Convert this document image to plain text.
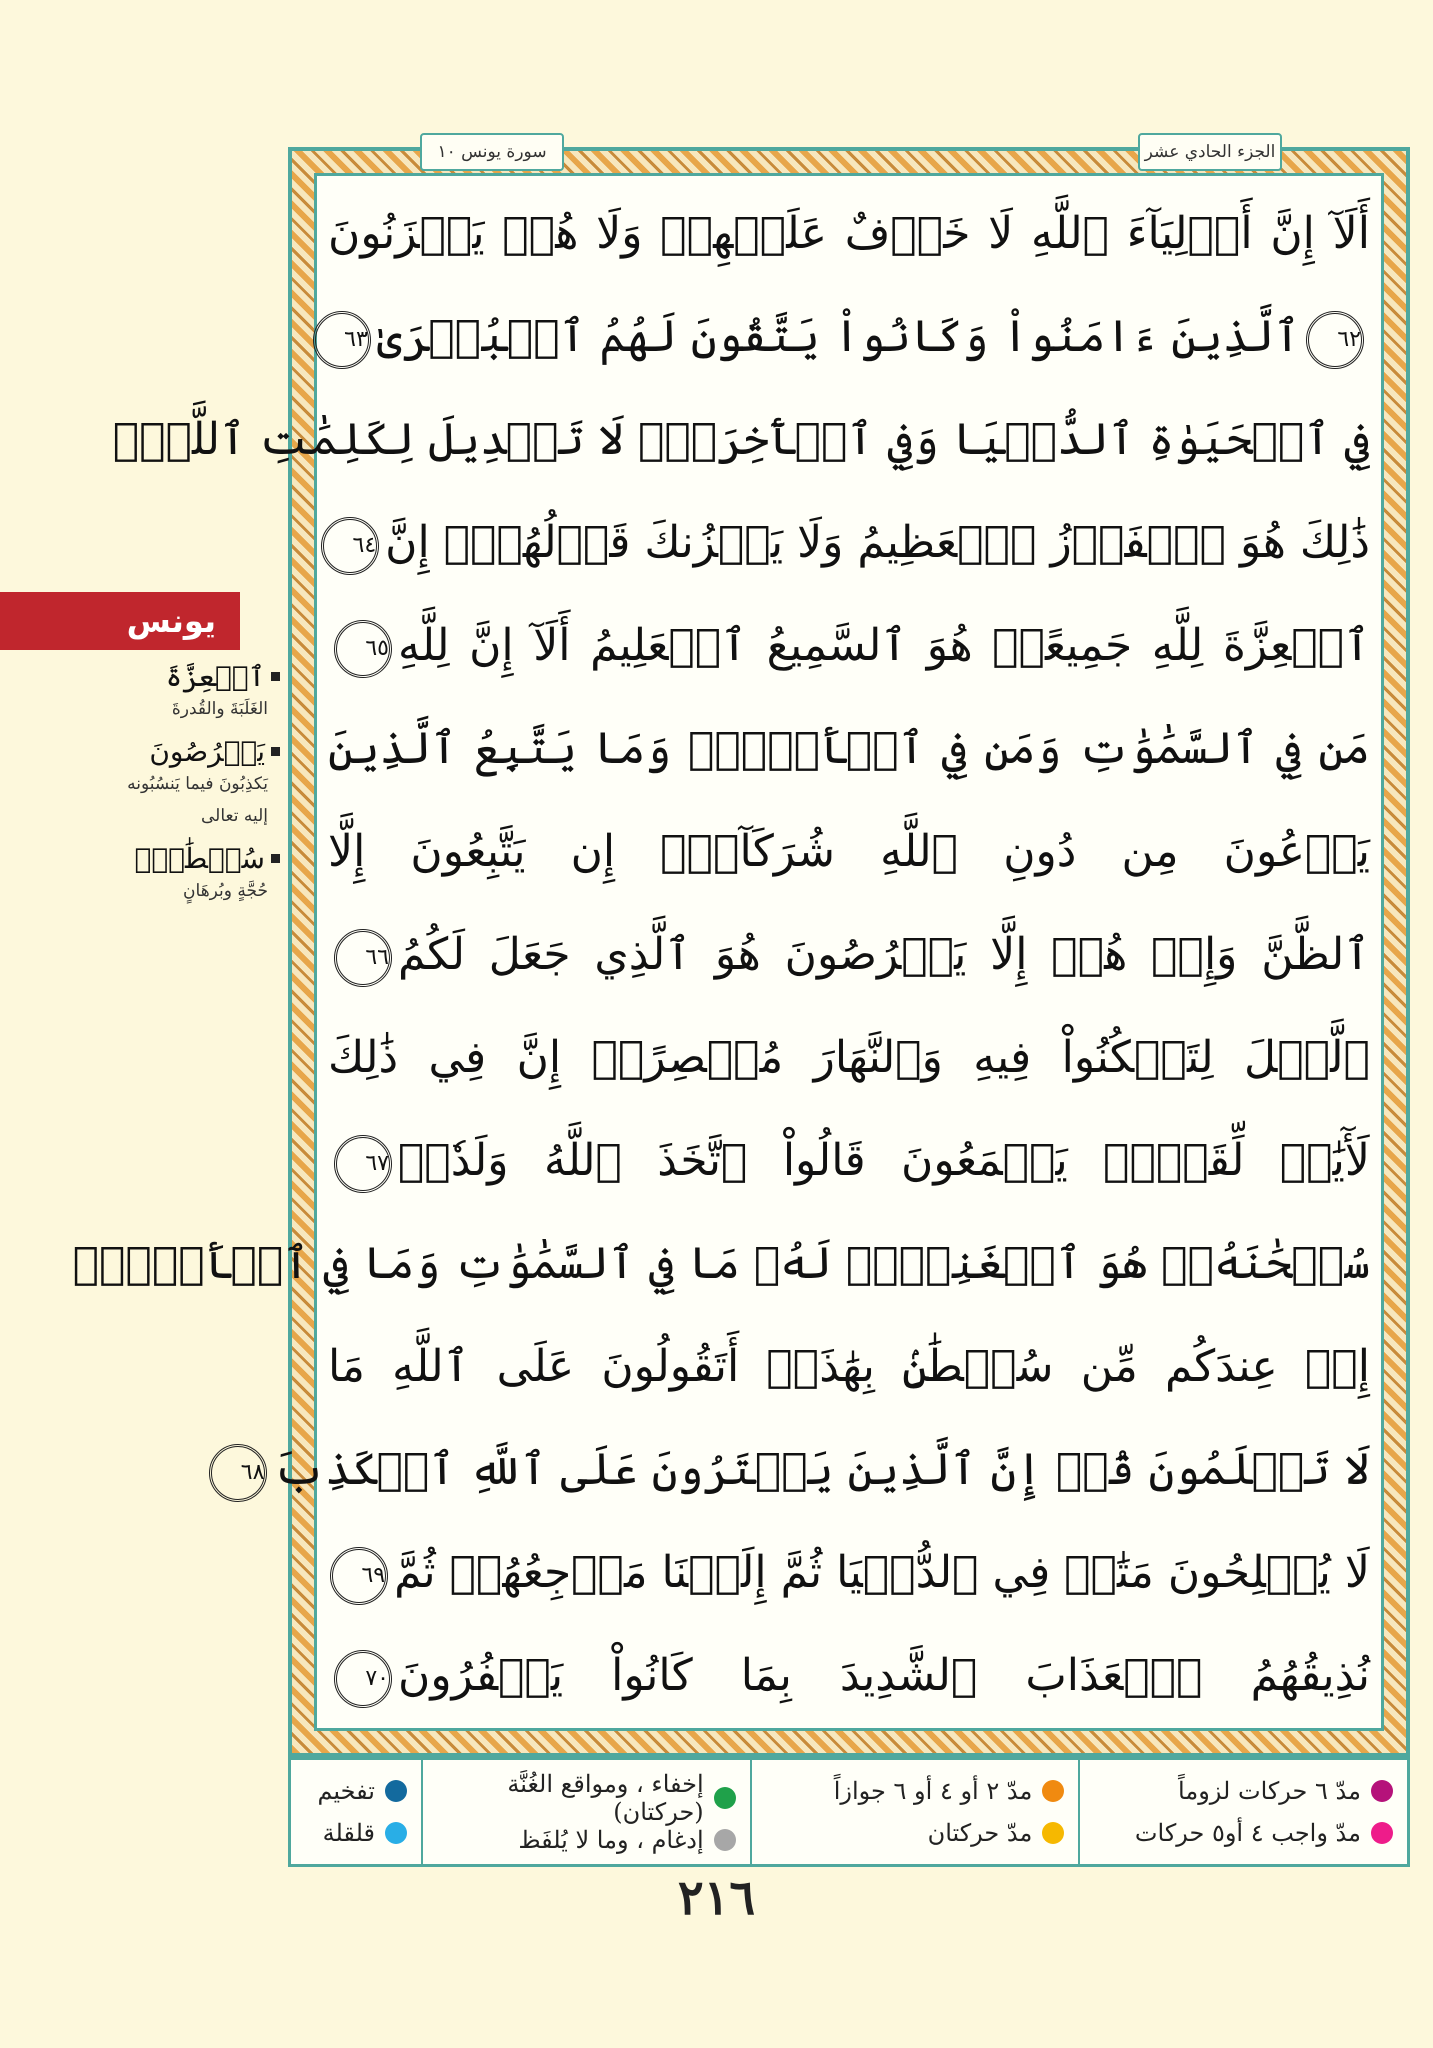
الجزء الحادي عشر
سورة يونس ١٠
أَلَآ إِنَّ أَوۡلِيَآءَ ٱللَّهِ لَا خَوۡفٌ عَلَيۡهِمۡ وَلَا هُمۡ يَحۡزَنُونَ
٦٢ٱلَّذِينَ ءَامَنُواْ وَكَانُواْ يَتَّقُونَ لَهُمُ ٱلۡبُشۡرَىٰ٦٣
فِي ٱلۡحَيَوٰةِ ٱلدُّنۡيَا وَفِي ٱلۡأٓخِرَةِۚ لَا تَبۡدِيلَ لِكَلِمَٰتِ ٱللَّهِۚ
ذَٰلِكَ هُوَ ٱلۡفَوۡزُ ٱلۡعَظِيمُ وَلَا يَحۡزُنكَ قَوۡلُهُمۡۘ إِنَّ٦٤
ٱلۡعِزَّةَ لِلَّهِ جَمِيعًاۚ هُوَ ٱلسَّمِيعُ ٱلۡعَلِيمُ أَلَآ إِنَّ لِلَّهِ٦٥
مَن فِي ٱلسَّمَٰوَٰتِ وَمَن فِي ٱلۡأَرۡضِۗ وَمَا يَتَّبِعُ ٱلَّذِينَ
يَدۡعُونَ مِن دُونِ ٱللَّهِ شُرَكَآءَۚ إِن يَتَّبِعُونَ إِلَّا
ٱلظَّنَّ وَإِنۡ هُمۡ إِلَّا يَخۡرُصُونَ هُوَ ٱلَّذِي جَعَلَ لَكُمُ٦٦
ٱلَّيۡلَ لِتَسۡكُنُواْ فِيهِ وَٱلنَّهَارَ مُبۡصِرًاۚ إِنَّ فِي ذَٰلِكَ
لَأٓيَٰتٖ لِّقَوۡمٖ يَسۡمَعُونَ قَالُواْ ٱتَّخَذَ ٱللَّهُ وَلَدٗاۗ٦٧
سُبۡحَٰنَهُۥۖ هُوَ ٱلۡغَنِيُّۖ لَهُۥ مَا فِي ٱلسَّمَٰوَٰتِ وَمَا فِي ٱلۡأَرۡضِۚ
إِنۡ عِندَكُم مِّن سُلۡطَٰنِۢ بِهَٰذَآۚ أَتَقُولُونَ عَلَى ٱللَّهِ مَا
لَا تَعۡلَمُونَ قُلۡ إِنَّ ٱلَّذِينَ يَفۡتَرُونَ عَلَى ٱللَّهِ ٱلۡكَذِبَ٦٨
لَا يُفۡلِحُونَ مَتَٰعٞ فِي ٱلدُّنۡيَا ثُمَّ إِلَيۡنَا مَرۡجِعُهُمۡ ثُمَّ٦٩
نُذِيقُهُمُ ٱلۡعَذَابَ ٱلشَّدِيدَ بِمَا كَانُواْ يَكۡفُرُونَ٧٠
مدّ ٦ حركات لزوماً
مدّ واجب ٤ أو٥ حركات
مدّ ٢ أو ٤ أو ٦ جوازاً
مدّ حركتان
إخفاء ، ومواقع الغُنَّة (حركتان)
إدغام ، وما لا يُلفَظ
تفخيم
قلقلة
٢١٦
يونس
ٱلۡعِزَّةَ
الغَلَبَةَ والقُدرةَ
يَخۡرُصُونَ
يَكذِبُونَ فيما يَنسُبُونه إليه تعالى
سُلۡطَٰنِۢ
حُجَّةٍ وبُرهَانٍ
